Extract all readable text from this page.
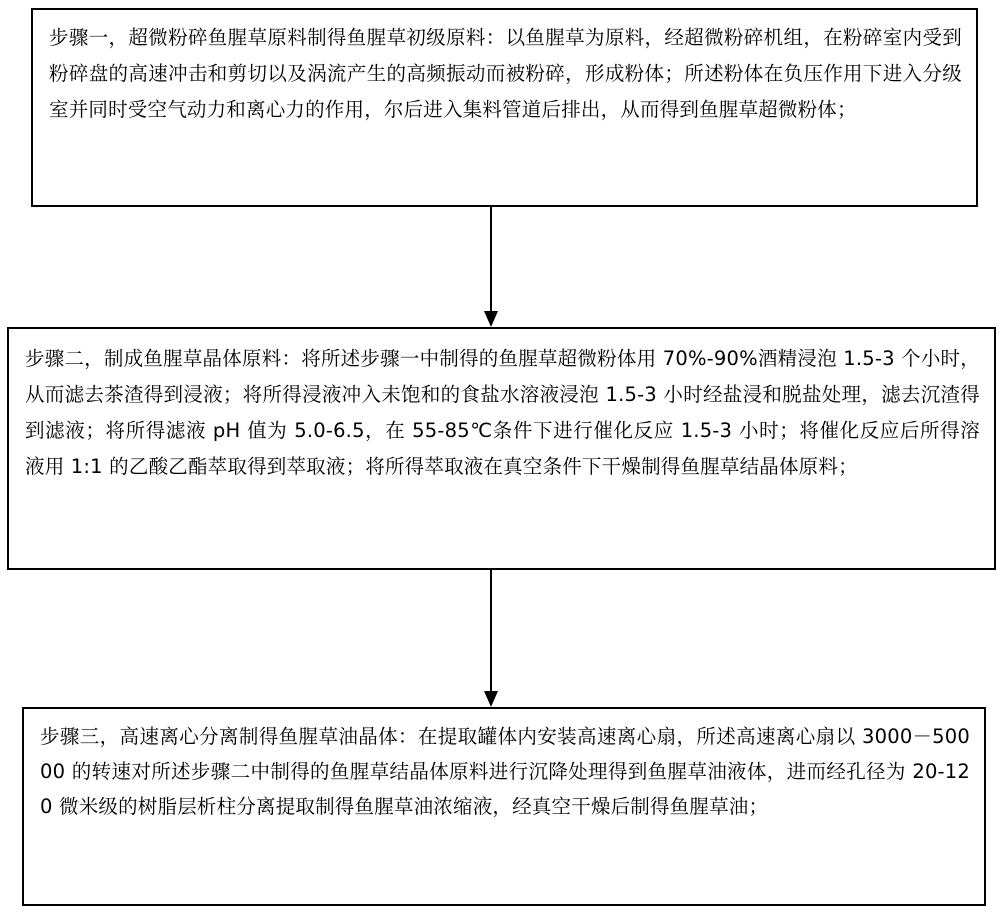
步骤一，超微粉碎鱼腥草原料制得鱼腥草初级原料：以鱼腥草为原料，经超微粉碎机组，在粉碎室内受到粉碎盘的高速冲击和剪切以及涡流产生的高频振动而被粉碎，形成粉体；所述粉体在负压作用下进入分级室并同时受空气动力和离心力的作用，尔后进入集料管道后排出，从而得到鱼腥草超微粉体；

步骤二，制成鱼腥草晶体原料：将所述步骤一中制得的鱼腥草超微粉体用 70%-90%酒精浸泡 1.5-3 个小时，从而滤去茶渣得到浸液；将所得浸液冲入未饱和的食盐水溶液浸泡 1.5-3 小时经盐浸和脱盐处理，滤去沉渣得到滤液；将所得滤液 pH 值为 5.0-6.5，在 55-85℃条件下进行催化反应 1.5-3 小时；将催化反应后所得溶液用 1:1 的乙酸乙酯萃取得到萃取液；将所得萃取液在真空条件下干燥制得鱼腥草结晶体原料；

步骤三，高速离心分离制得鱼腥草油晶体：在提取罐体内安装高速离心扇，所述高速离心扇以 3000－50000 的转速对所述步骤二中制得的鱼腥草结晶体原料进行沉降处理得到鱼腥草油液体，进而经孔径为 20-120 微米级的树脂层析柱分离提取制得鱼腥草油浓缩液，经真空干燥后制得鱼腥草油；
